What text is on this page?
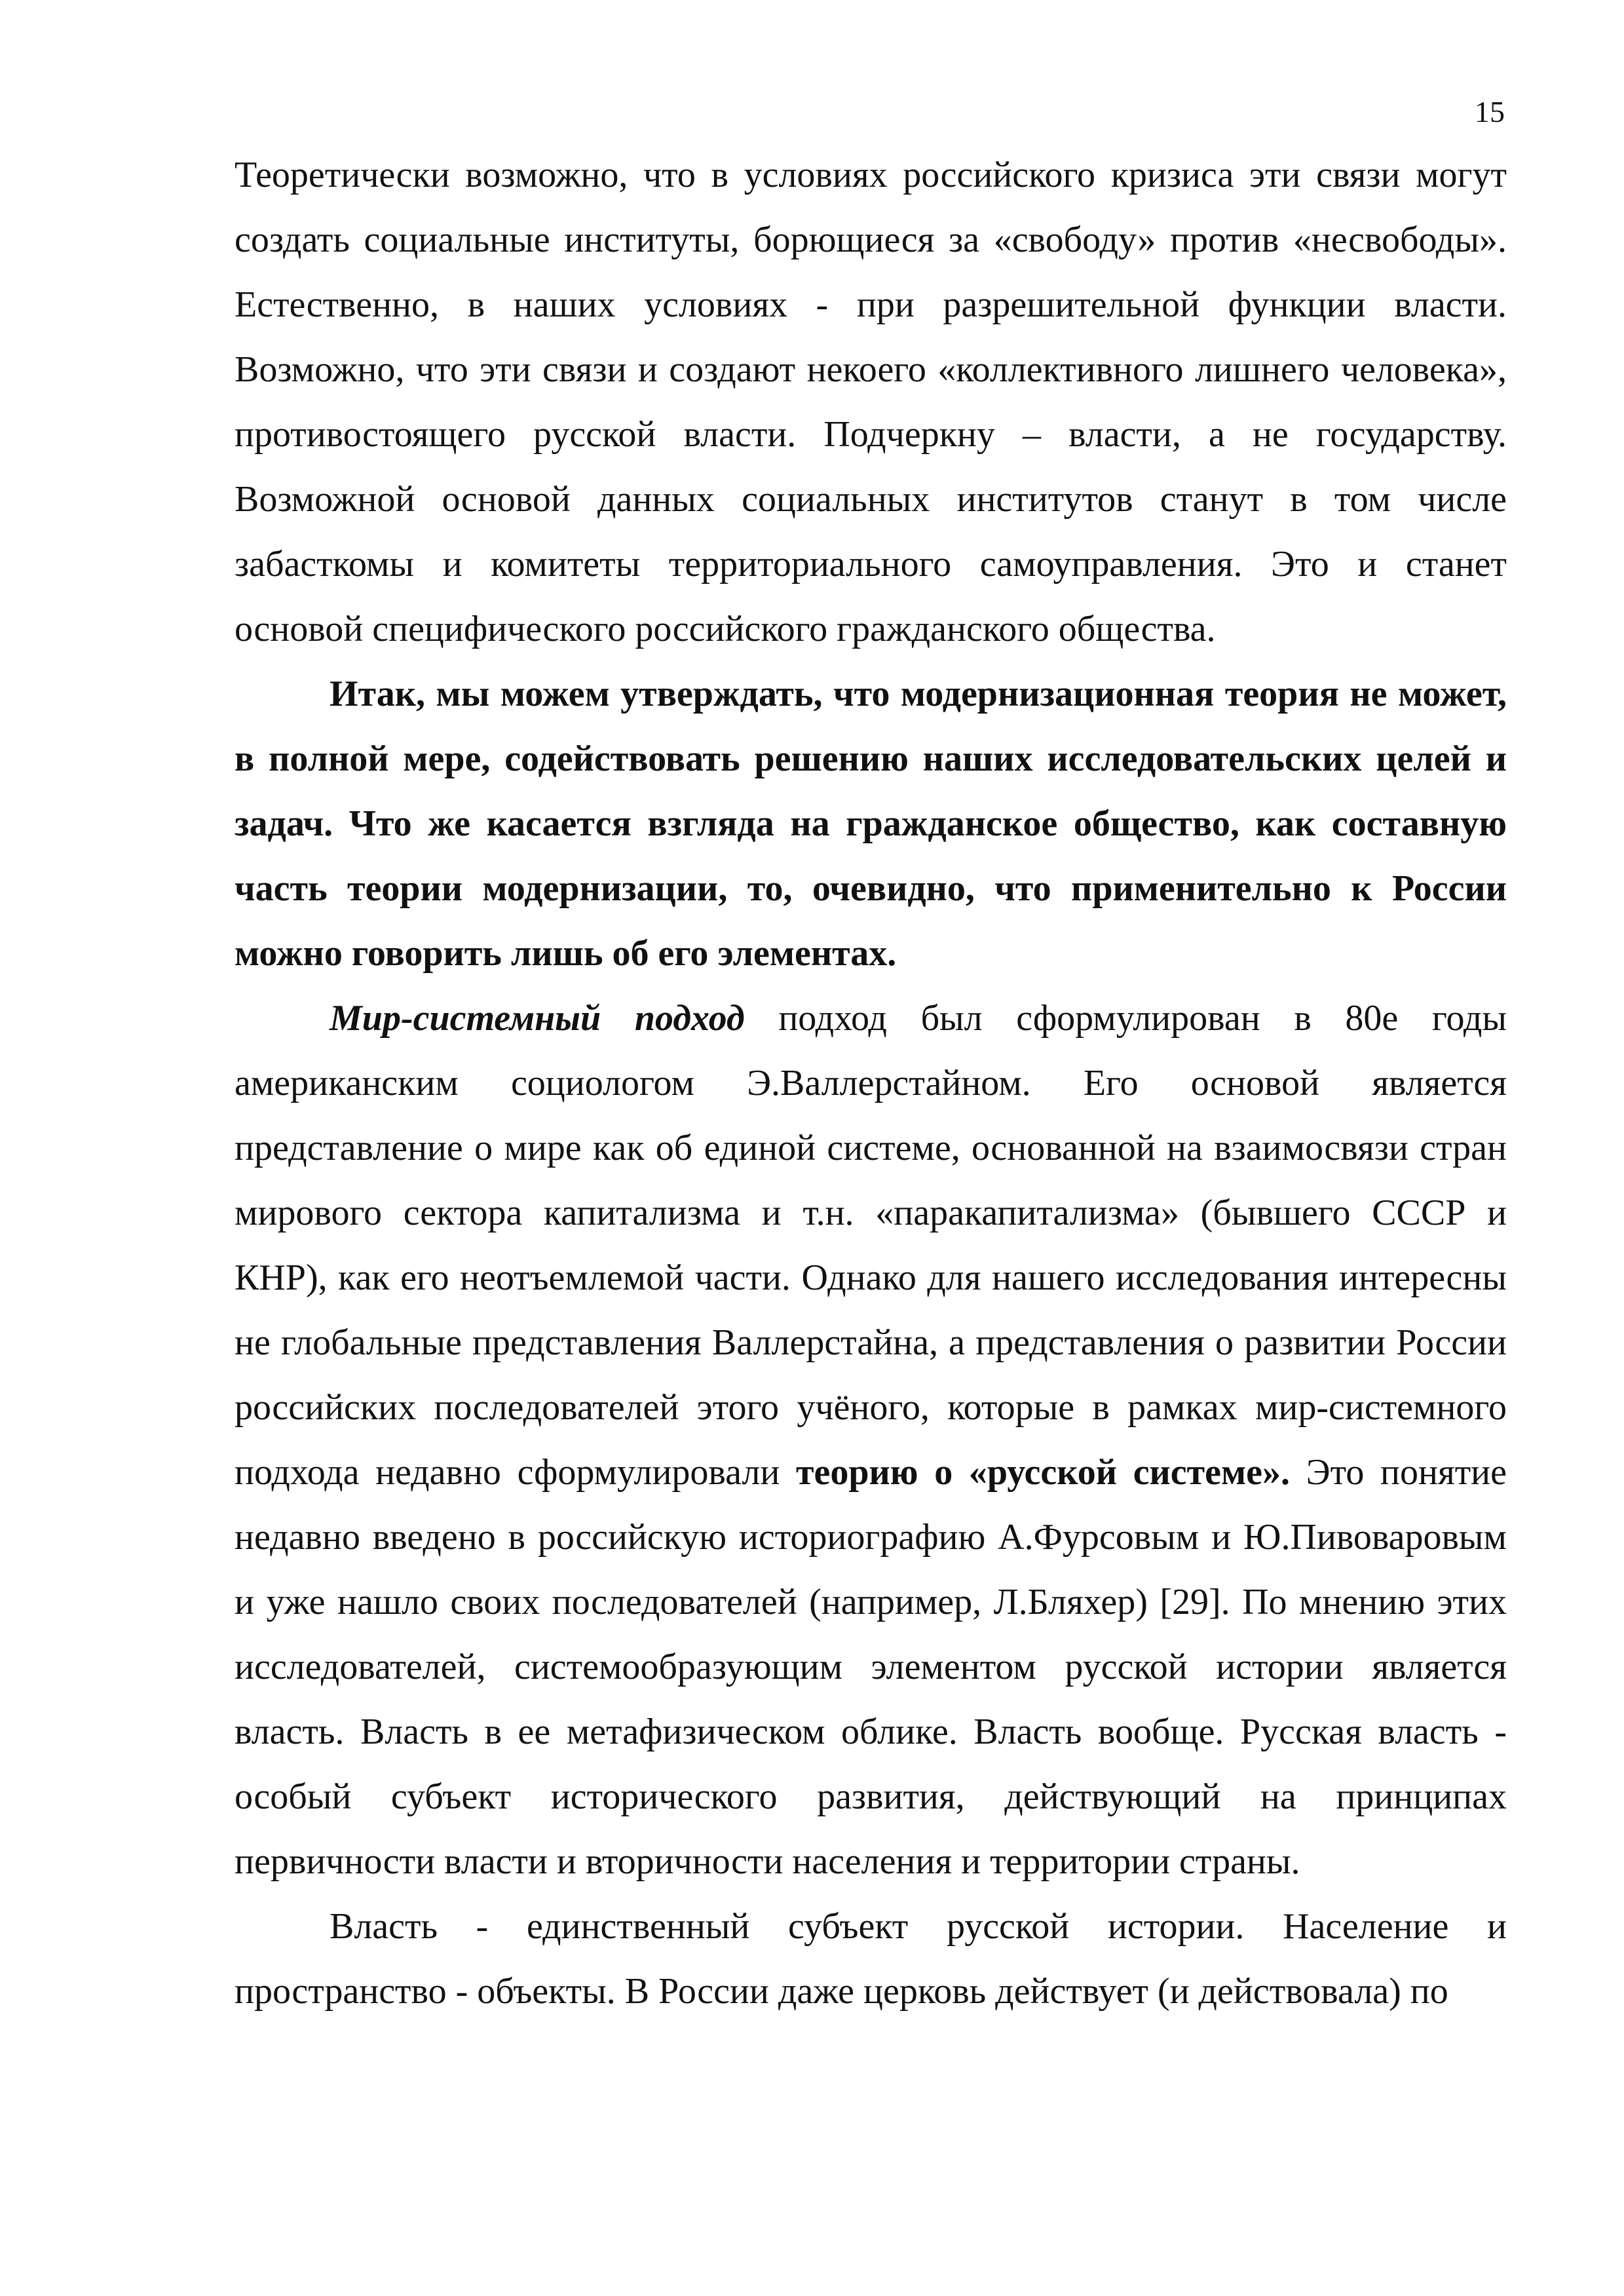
15

Теоретически возможно, что в условиях российского кризиса эти связи могут создать социальные институты, борющиеся за «свободу» против «несвободы». Естественно, в наших условиях - при разрешительной функции власти. Возможно, что эти связи и создают некоего «коллективного лишнего человека», противостоящего русской власти. Подчеркну – власти, а не государству. Возможной основой данных социальных институтов станут в том числе забасткомы и комитеты территориального самоуправления. Это и станет основой специфического российского гражданского общества.

Итак, мы можем утверждать, что модернизационная теория не может, в полной мере, содействовать решению наших исследовательских целей и задач. Что же касается взгляда на гражданское общество, как составную часть теории модернизации, то, очевидно, что применительно к России можно говорить лишь об его элементах.

Мир-системный подход подход был сформулирован в 80е годы американским социологом Э.Валлерстайном. Его основой является представление о мире как об единой системе, основанной на взаимосвязи стран мирового сектора капитализма и т.н. «паракапитализма» (бывшего СССР и КНР), как его неотъемлемой части. Однако для нашего исследования интересны не глобальные представления Валлерстайна, а представления о развитии России российских последователей этого учёного, которые в рамках мир-системного подхода недавно сформулировали теорию о «русской системе». Это понятие недавно введено в российскую историографию А.Фурсовым и Ю.Пивоваровым и уже нашло своих последователей (например, Л.Бляхер) [29]. По мнению этих исследователей, системообразующим элементом русской истории является власть. Власть в ее метафизическом облике. Власть вообще. Русская власть - особый субъект исторического развития, действующий на принципах первичности власти и вторичности населения и территории страны.

Власть - единственный субъект русской истории. Население и пространство - объекты. В России даже церковь действует (и действовала) по
